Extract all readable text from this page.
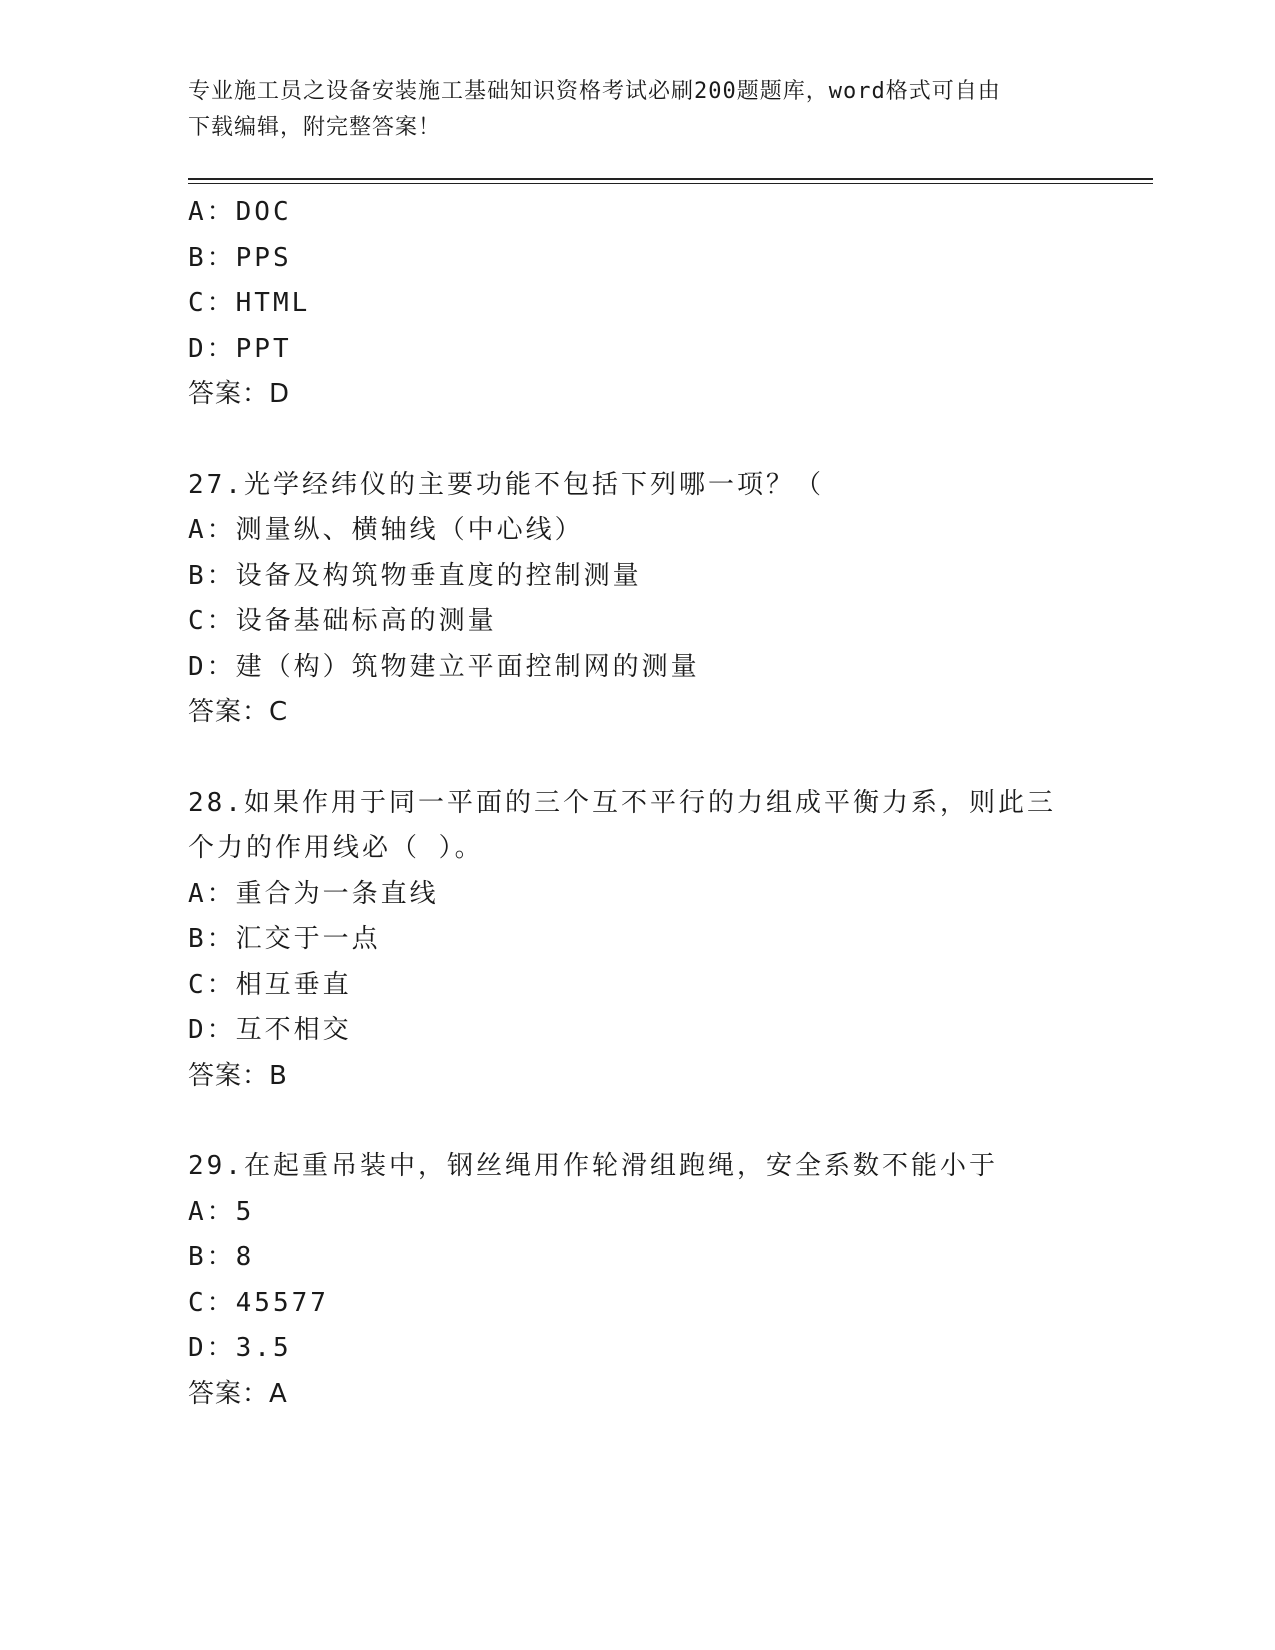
专业施工员之设备安装施工基础知识资格考试必刷200题题库，word格式可自由
下载编辑，附完整答案！
A：DOC
B：PPS
C：HTML
D：PPT
答案：D
27.光学经纬仪的主要功能不包括下列哪一项？（
A：测量纵、横轴线（中心线）
B：设备及构筑物垂直度的控制测量
C：设备基础标高的测量
D：建（构）筑物建立平面控制网的测量
答案：C
28.如果作用于同一平面的三个互不平行的力组成平衡力系，则此三个力的作用线必（ ）。
A：重合为一条直线
B：汇交于一点
C：相互垂直
D：互不相交
答案：B
29.在起重吊装中，钢丝绳用作轮滑组跑绳，安全系数不能小于
A：5
B：8
C：45577
D：3.5
答案：A
